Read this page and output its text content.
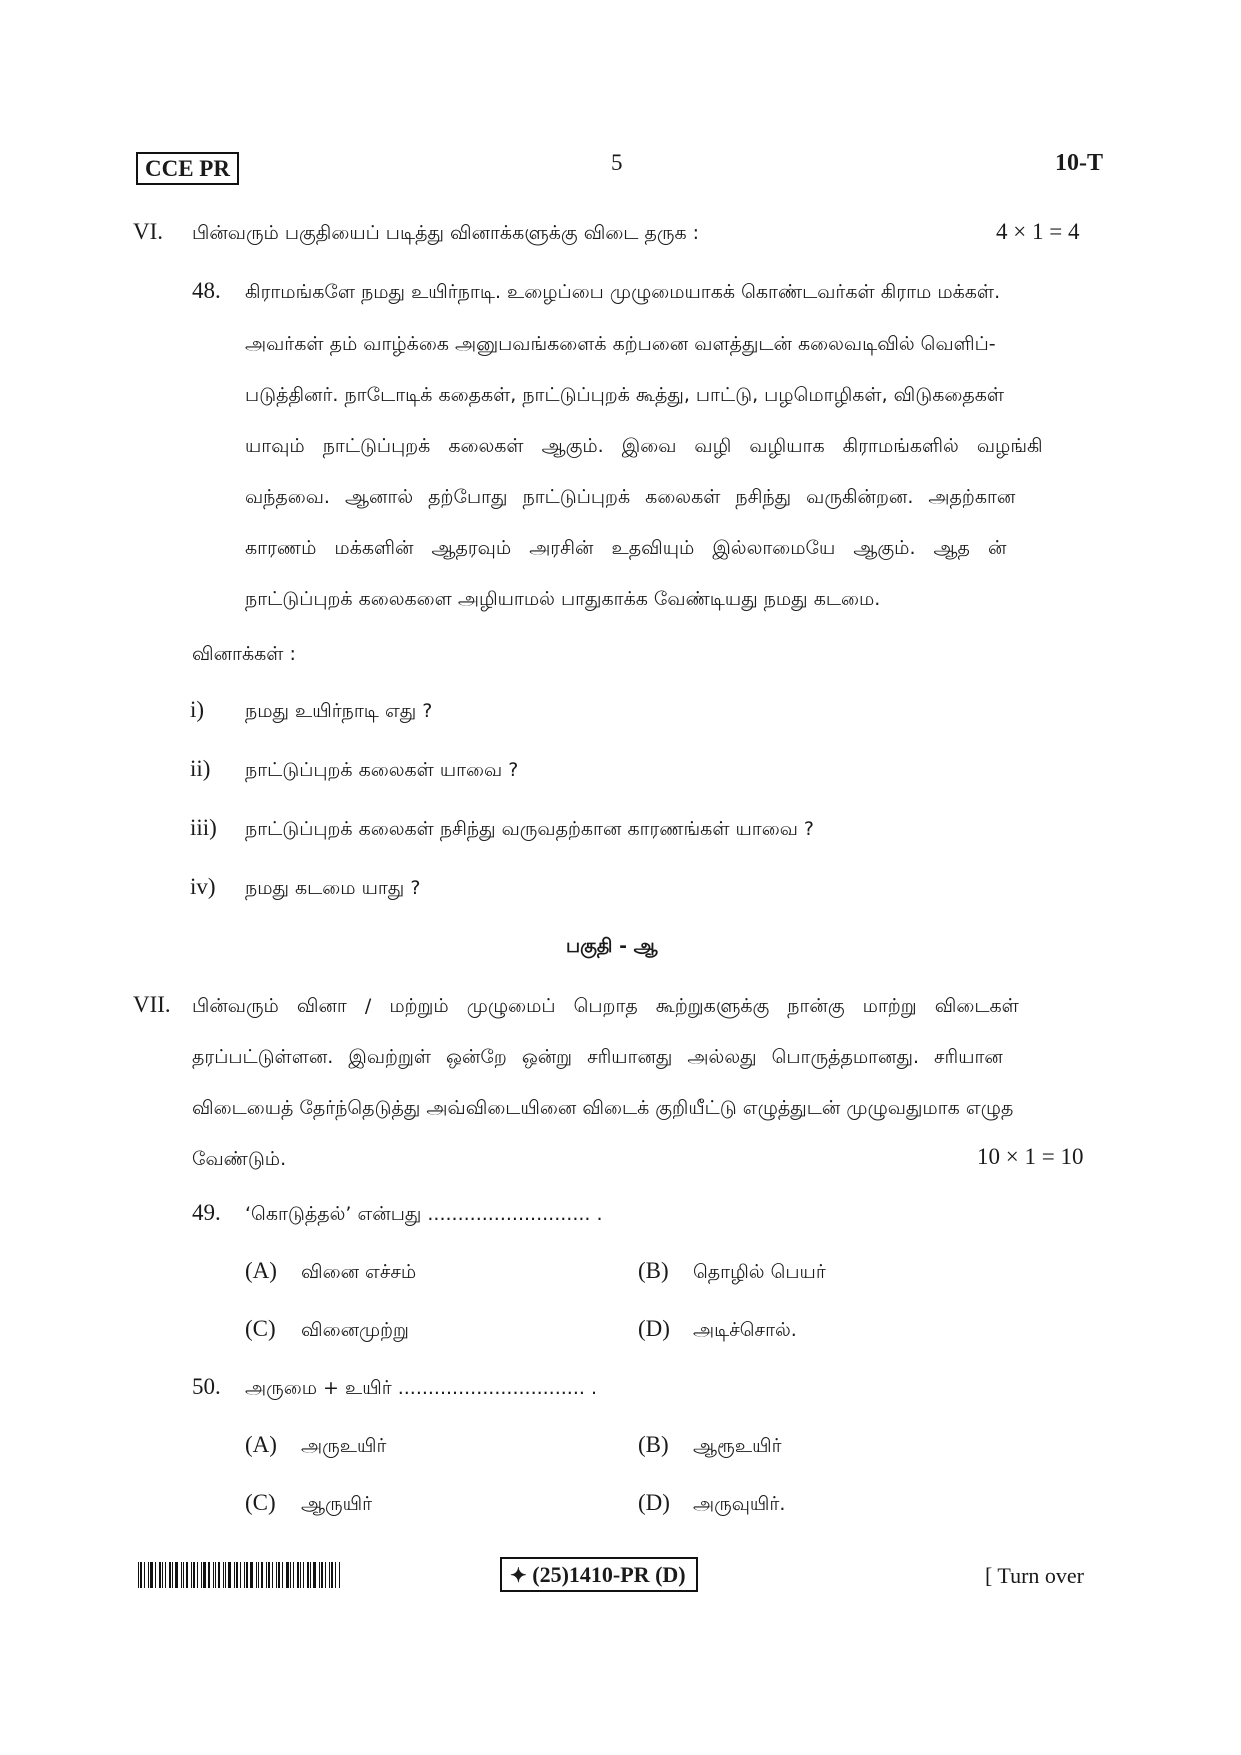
CCE PR	5	10-T
VI. பின்வரும் பகுதியைப் படித்து வினாக்களுக்கு விடை தருக :	4 × 1 = 4
48. கிராமங்களே நமது உயிர்நாடி. உழைப்பை முழுமையாகக் கொண்டவர்கள் கிராம மக்கள்.
அவர்கள் தம் வாழ்க்கை அனுபவங்களைக் கற்பனை வளத்துடன் கலைவடிவில் வெளிப்-
படுத்தினர். நாடோடிக் கதைகள், நாட்டுப்புறக் கூத்து, பாட்டு, பழமொழிகள், விடுகதைகள்
யாவும் நாட்டுப்புறக் கலைகள் ஆகும். இவை வழி வழியாக கிராமங்களில் வழங்கி
வந்தவை. ஆனால் தற்போது நாட்டுப்புறக் கலைகள் நசிந்து வருகின்றன. அதற்கான
காரணம் மக்களின் ஆதரவும் அரசின் உதவியும் இல்லாமையே ஆகும். ஆத ன்
நாட்டுப்புறக் கலைகளை அழியாமல் பாதுகாக்க வேண்டியது நமது கடமை.
வினாக்கள் :
i) நமது உயிர்நாடி எது ?
ii) நாட்டுப்புறக் கலைகள் யாவை ?
iii) நாட்டுப்புறக் கலைகள் நசிந்து வருவதற்கான காரணங்கள் யாவை ?
iv) நமது கடமை யாது ?
பகுதி - ஆ
VII. பின்வரும் வினா / மற்றும் முழுமைப் பெறாத கூற்றுகளுக்கு நான்கு மாற்று விடைகள்
தரப்பட்டுள்ளன. இவற்றுள் ஒன்றே ஒன்று சரியானது அல்லது பொருத்தமானது. சரியான
விடையைத் தேர்ந்தெடுத்து அவ்விடையினை விடைக் குறியீட்டு எழுத்துடன் முழுவதுமாக எழுத
வேண்டும்.	10 × 1 = 10
49. ‘கொடுத்தல்’ என்பது ........................... .
(A) வினை எச்சம்	(B) தொழில் பெயர்
(C) வினைமுற்று	(D) அடிச்சொல்.
50. அருமை + உயிர் ............................... .
(A) அருஉயிர்	(B) ஆரூஉயிர்
(C) ஆருயிர்	(D) அருவுயிர்.
✦ (25)1410-PR (D)	[ Turn over
